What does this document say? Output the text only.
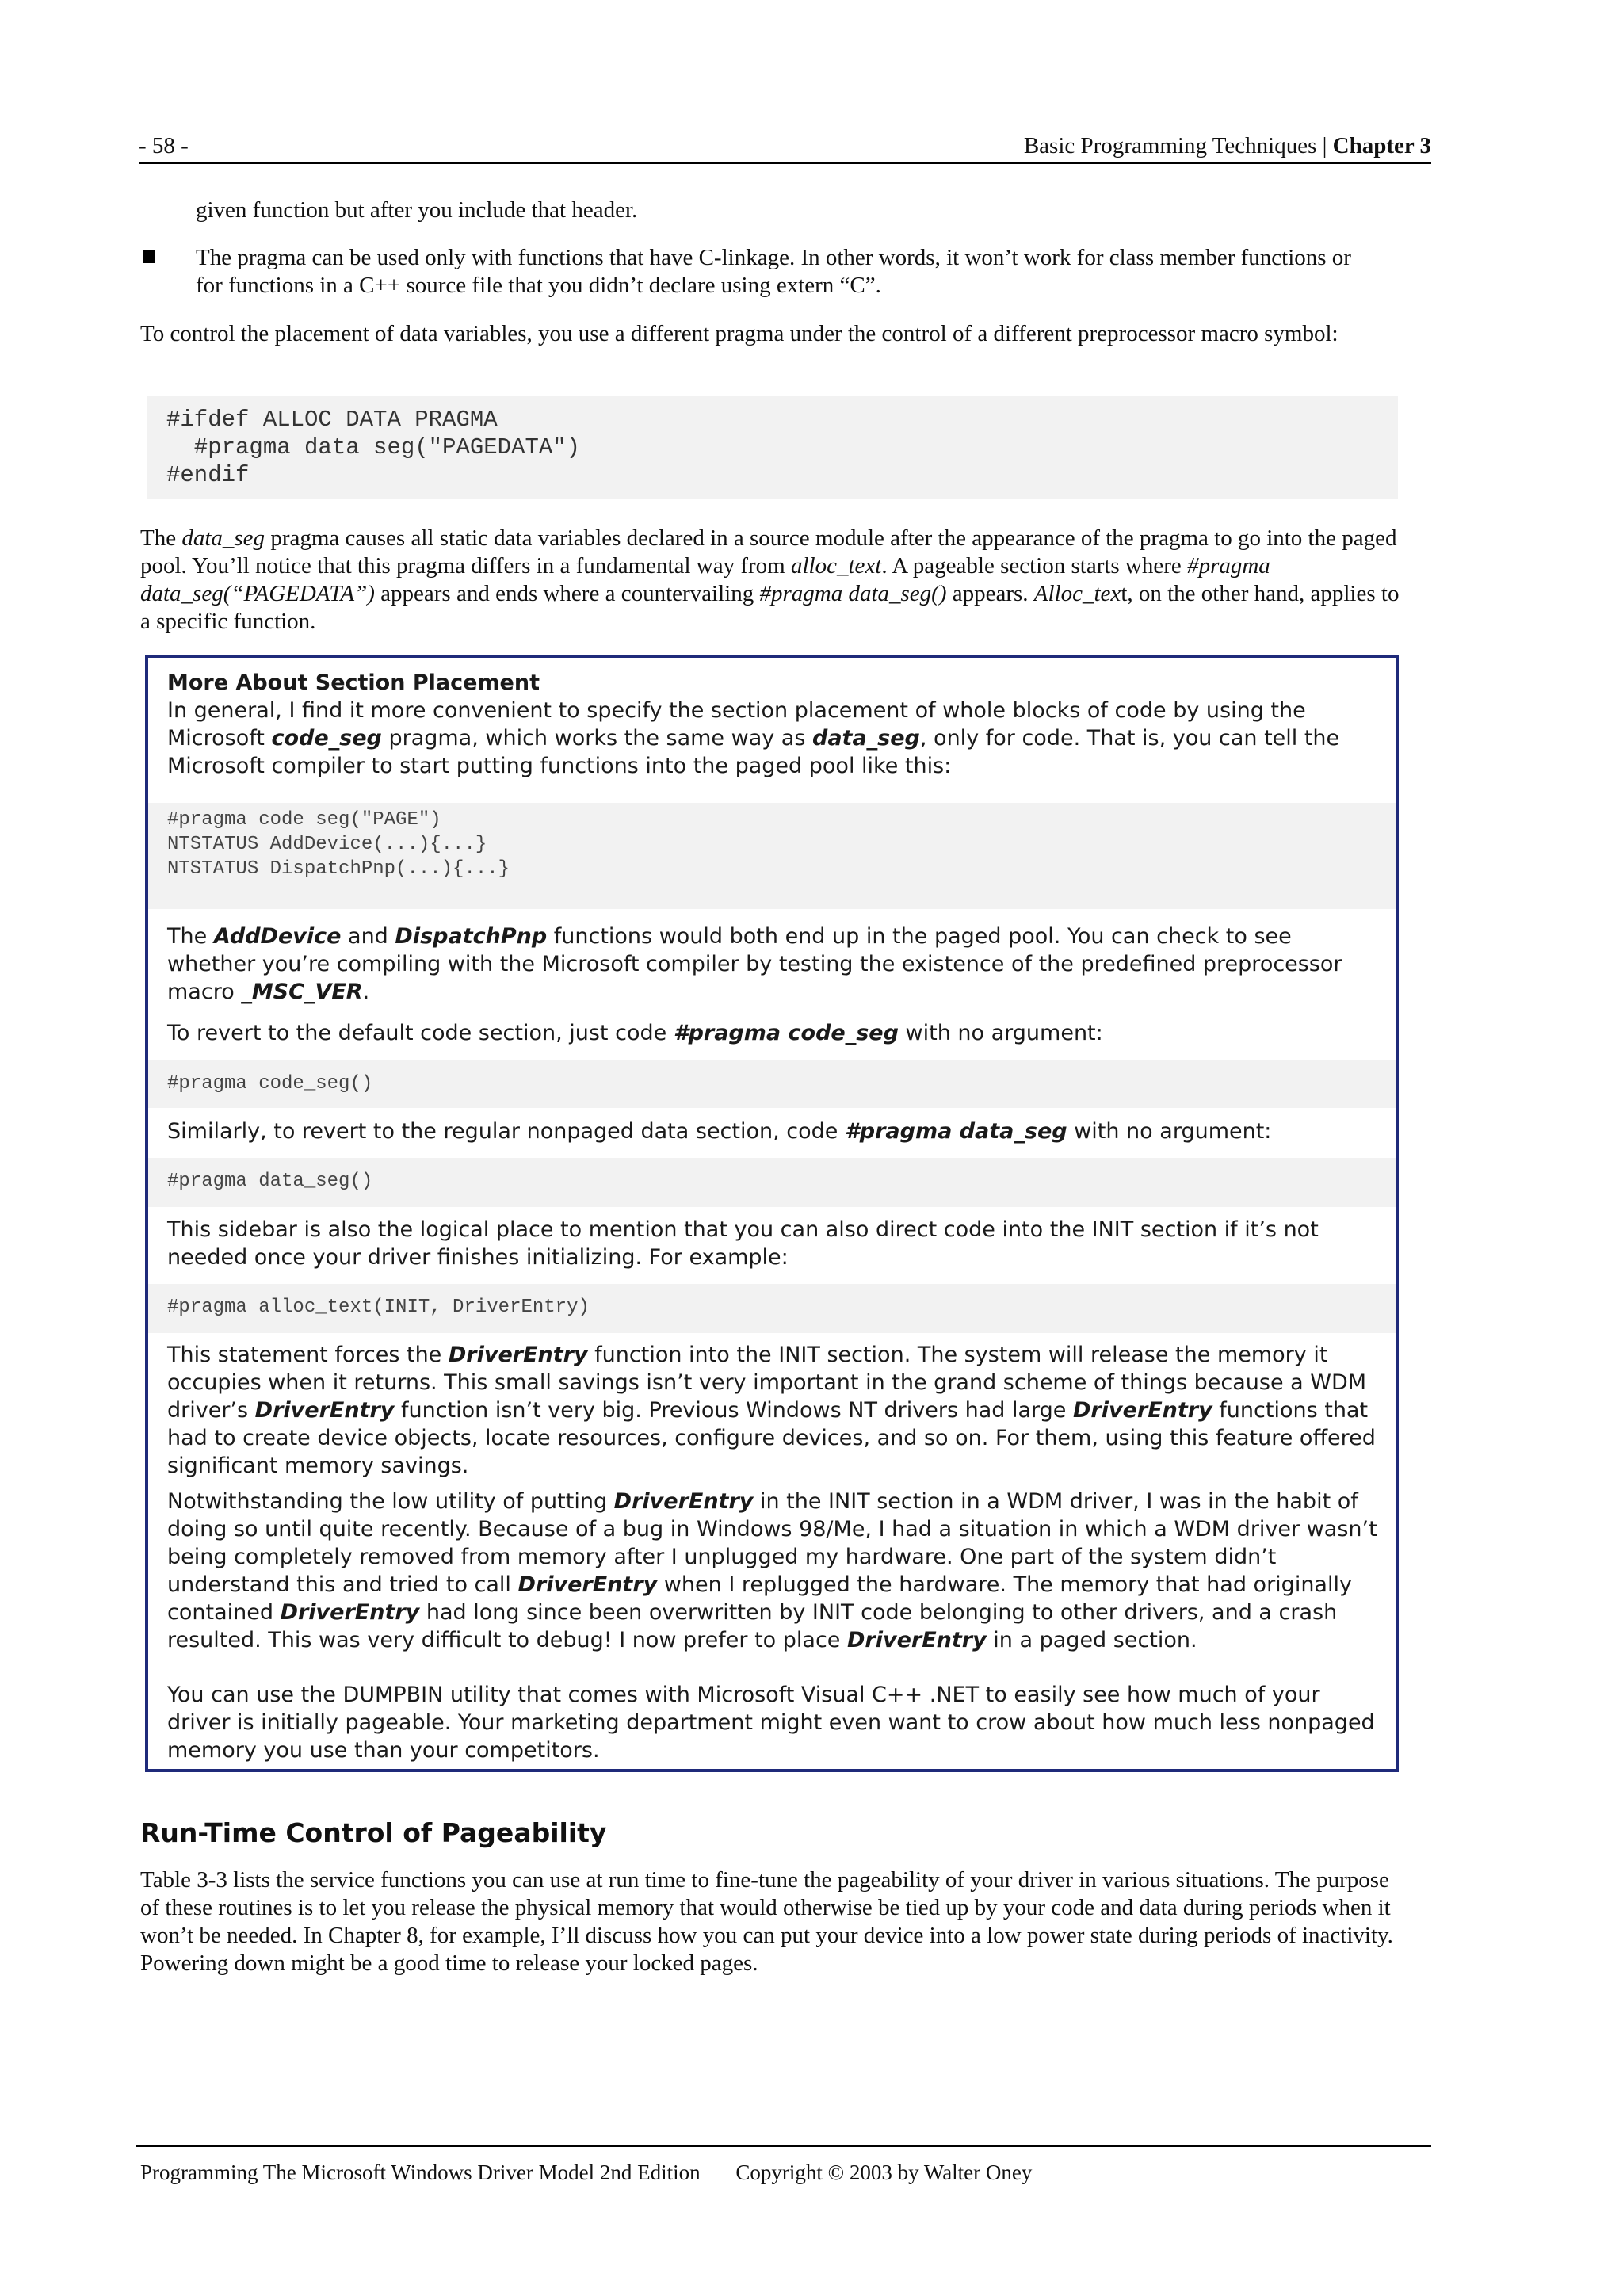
- 58 -	Basic Programming Techniques | Chapter 3

given function but after you include that header.

The pragma can be used only with functions that have C-linkage. In other words, it won’t work for class member functions or for functions in a C++ source file that you didn’t declare using extern “C”.

To control the placement of data variables, you use a different pragma under the control of a different preprocessor macro symbol:

#ifdef ALLOC DATA PRAGMA
#pragma data seg("PAGEDATA")
#endif

The data_seg pragma causes all static data variables declared in a source module after the appearance of the pragma to go into the paged pool. You’ll notice that this pragma differs in a fundamental way from alloc_text. A pageable section starts where #pragma data_seg(“PAGEDATA”) appears and ends where a countervailing #pragma data_seg() appears. Alloc_text, on the other hand, applies to a specific function.

More About Section Placement

In general, I find it more convenient to specify the section placement of whole blocks of code by using the Microsoft code_seg pragma, which works the same way as data_seg, only for code. That is, you can tell the Microsoft compiler to start putting functions into the paged pool like this:

#pragma code seg("PAGE")
NTSTATUS AddDevice(...){...}
NTSTATUS DispatchPnp(...){...}

The AddDevice and DispatchPnp functions would both end up in the paged pool. You can check to see whether you’re compiling with the Microsoft compiler by testing the existence of the predefined preprocessor macro _MSC_VER.

To revert to the default code section, just code #pragma code_seg with no argument:

#pragma code_seg()

Similarly, to revert to the regular nonpaged data section, code #pragma data_seg with no argument:

#pragma data_seg()

This sidebar is also the logical place to mention that you can also direct code into the INIT section if it’s not needed once your driver finishes initializing. For example:

#pragma alloc_text(INIT, DriverEntry)

This statement forces the DriverEntry function into the INIT section. The system will release the memory it occupies when it returns. This small savings isn’t very important in the grand scheme of things because a WDM driver’s DriverEntry function isn’t very big. Previous Windows NT drivers had large DriverEntry functions that had to create device objects, locate resources, configure devices, and so on. For them, using this feature offered significant memory savings.

Notwithstanding the low utility of putting DriverEntry in the INIT section in a WDM driver, I was in the habit of doing so until quite recently. Because of a bug in Windows 98/Me, I had a situation in which a WDM driver wasn’t being completely removed from memory after I unplugged my hardware. One part of the system didn’t understand this and tried to call DriverEntry when I replugged the hardware. The memory that had originally contained DriverEntry had long since been overwritten by INIT code belonging to other drivers, and a crash resulted. This was very difficult to debug! I now prefer to place DriverEntry in a paged section.

You can use the DUMPBIN utility that comes with Microsoft Visual C++ .NET to easily see how much of your driver is initially pageable. Your marketing department might even want to crow about how much less nonpaged memory you use than your competitors.

Run-Time Control of Pageability

Table 3-3 lists the service functions you can use at run time to fine-tune the pageability of your driver in various situations. The purpose of these routines is to let you release the physical memory that would otherwise be tied up by your code and data during periods when it won’t be needed. In Chapter 8, for example, I’ll discuss how you can put your device into a low power state during periods of inactivity. Powering down might be a good time to release your locked pages.

Programming The Microsoft Windows Driver Model 2nd Edition Copyright © 2003 by Walter Oney
